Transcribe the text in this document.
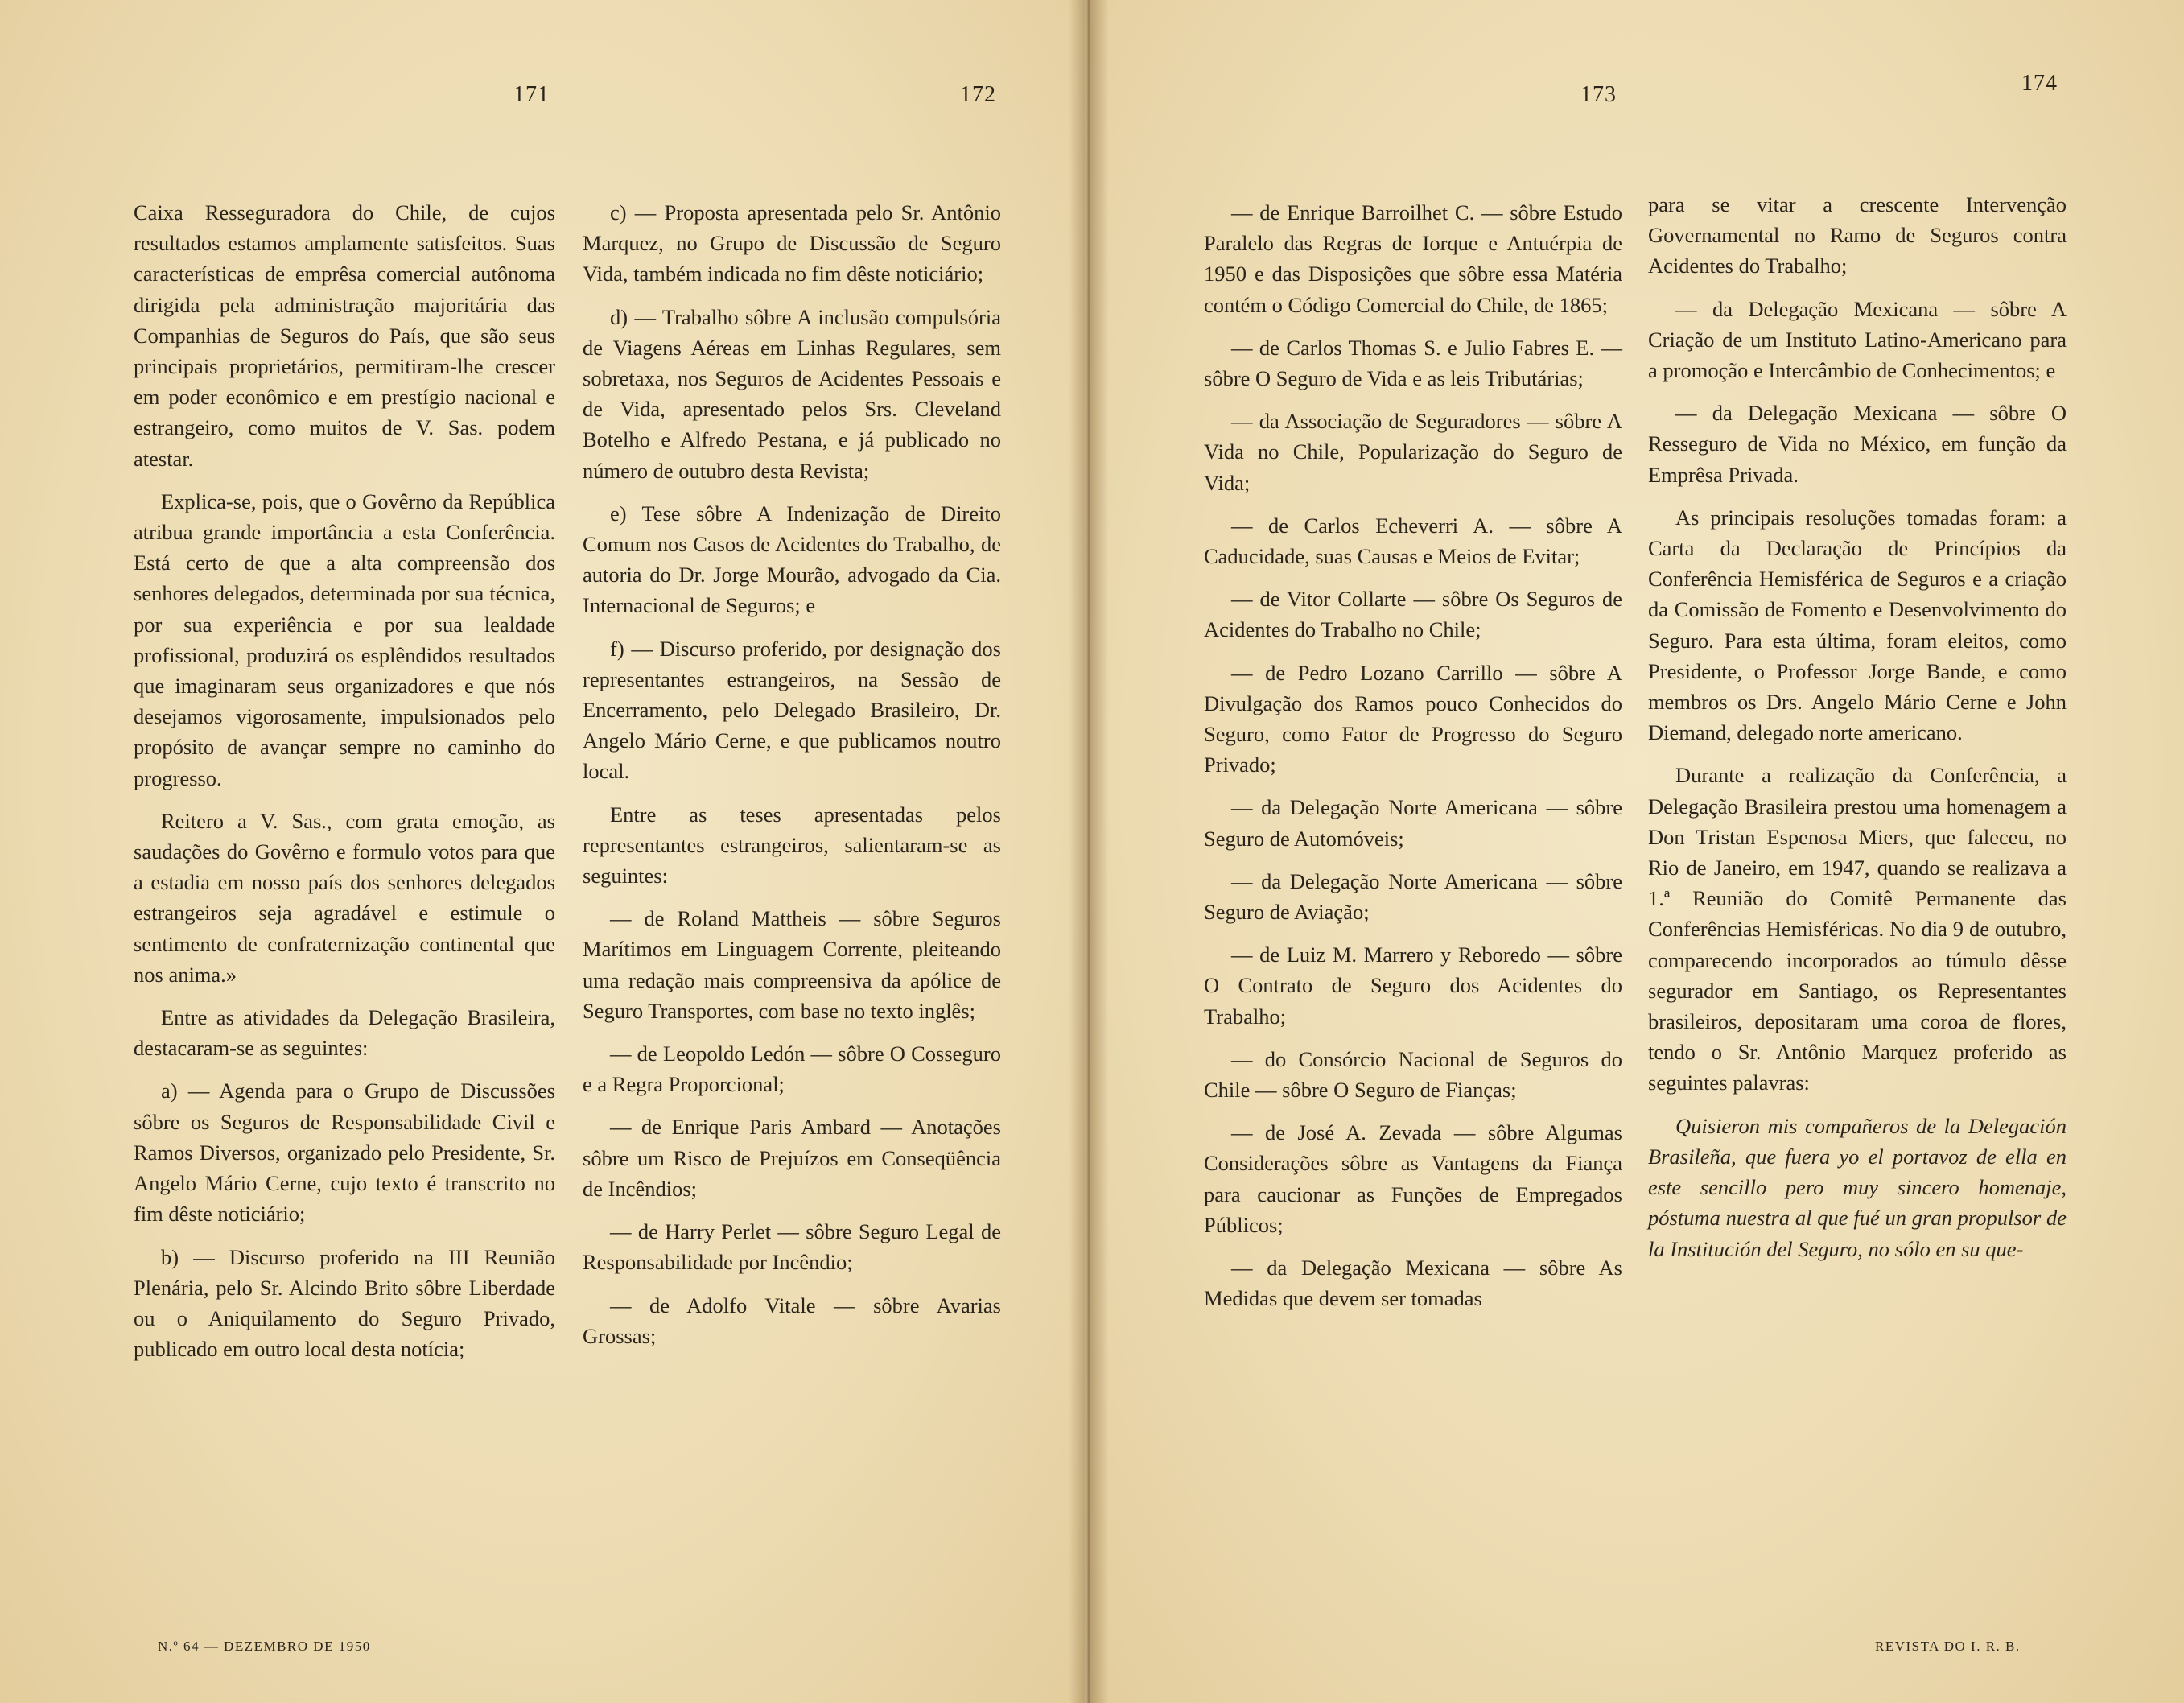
171	172	173	174

Caixa Resseguradora do Chile, de cujos resultados estamos amplamente satisfeitos. Suas características de emprêsa comercial autônoma dirigida pela administração majoritária das Companhias de Seguros do País, que são seus principais proprietários, permitiram-lhe crescer em poder econômico e em prestígio nacional e estrangeiro, como muitos de V. Sas. podem atestar.

Explica-se, pois, que o Govêrno da República atribua grande importância a esta Conferência. Está certo de que a alta compreensão dos senhores delegados, determinada por sua técnica, por sua experiência e por sua lealdade profissional, produzirá os esplêndidos resultados que imaginaram seus organizadores e que nós desejamos vigorosamente, impulsionados pelo propósito de avançar sempre no caminho do progresso.

Reitero a V. Sas., com grata emoção, as saudações do Govêrno e formulo votos para que a estadia em nosso país dos senhores delegados estrangeiros seja agradável e estimule o sentimento de confraternização continental que nos anima.»

Entre as atividades da Delegação Brasileira, destacaram-se as seguintes:

a) — Agenda para o Grupo de Discussões sôbre os Seguros de Responsabilidade Civil e Ramos Diversos, organizado pelo Presidente, Sr. Angelo Mário Cerne, cujo texto é transcrito no fim dêste noticiário;

b) — Discurso proferido na III Reunião Plenária, pelo Sr. Alcindo Brito sôbre Liberdade ou o Aniquilamento do Seguro Privado, publicado em outro local desta notícia;

c) — Proposta apresentada pelo Sr. Antônio Marquez, no Grupo de Discussão de Seguro Vida, também indicada no fim dêste noticiário;

d) — Trabalho sôbre A inclusão compulsória de Viagens Aéreas em Linhas Regulares, sem sobretaxa, nos Seguros de Acidentes Pessoais e de Vida, apresentado pelos Srs. Cleveland Botelho e Alfredo Pestana, e já publicado no número de outubro desta Revista;

e) Tese sôbre A Indenização de Direito Comum nos Casos de Acidentes do Trabalho, de autoria do Dr. Jorge Mourão, advogado da Cia. Internacional de Seguros; e

f) — Discurso proferido, por designação dos representantes estrangeiros, na Sessão de Encerramento, pelo Delegado Brasileiro, Dr. Angelo Mário Cerne, e que publicamos noutro local.

Entre as teses apresentadas pelos representantes estrangeiros, salientaram-se as seguintes:

— de Roland Mattheis — sôbre Seguros Marítimos em Linguagem Corrente, pleiteando uma redação mais compreensiva da apólice de Seguro Transportes, com base no texto inglês;

— de Leopoldo Ledón — sôbre O Cosseguro e a Regra Proporcional;

— de Enrique Paris Ambard — Anotações sôbre um Risco de Prejuízos em Conseqüência de Incêndios;

— de Harry Perlet — sôbre Seguro Legal de Responsabilidade por Incêndio;

— de Adolfo Vitale — sôbre Avarias Grossas;

— de Enrique Barroilhet C. — sôbre Estudo Paralelo das Regras de Iorque e Antuérpia de 1950 e das Disposições que sôbre essa Matéria contém o Código Comercial do Chile, de 1865;

— de Carlos Thomas S. e Julio Fabres E. — sôbre O Seguro de Vida e as leis Tributárias;

— da Associação de Seguradores — sôbre A Vida no Chile, Popularização do Seguro de Vida;

— de Carlos Echeverri A. — sôbre A Caducidade, suas Causas e Meios de Evitar;

— de Vitor Collarte — sôbre Os Seguros de Acidentes do Trabalho no Chile;

— de Pedro Lozano Carrillo — sôbre A Divulgação dos Ramos pouco Conhecidos do Seguro, como Fator de Progresso do Seguro Privado;

— da Delegação Norte Americana — sôbre Seguro de Automóveis;

— da Delegação Norte Americana — sôbre Seguro de Aviação;

— de Luiz M. Marrero y Reboredo — sôbre O Contrato de Seguro dos Acidentes do Trabalho;

— do Consórcio Nacional de Seguros do Chile — sôbre O Seguro de Fianças;

— de José A. Zevada — sôbre Algumas Considerações sôbre as Vantagens da Fiança para caucionar as Funções de Empregados Públicos;

— da Delegação Mexicana — sôbre As Medidas que devem ser tomadas

para se vitar a crescente Intervenção Governamental no Ramo de Seguros contra Acidentes do Trabalho;

— da Delegação Mexicana — sôbre A Criação de um Instituto Latino-Americano para a promoção e Intercâmbio de Conhecimentos; e

— da Delegação Mexicana — sôbre O Resseguro de Vida no México, em função da Emprêsa Privada.

As principais resoluções tomadas foram: a Carta da Declaração de Princípios da Conferência Hemisférica de Seguros e a criação da Comissão de Fomento e Desenvolvimento do Seguro. Para esta última, foram eleitos, como Presidente, o Professor Jorge Bande, e como membros os Drs. Angelo Mário Cerne e John Diemand, delegado norte americano.

Durante a realização da Conferência, a Delegação Brasileira prestou uma homenagem a Don Tristan Espenosa Miers, que faleceu, no Rio de Janeiro, em 1947, quando se realizava a 1.ª Reunião do Comitê Permanente das Conferências Hemisféricas. No dia 9 de outubro, comparecendo incorporados ao túmulo dêsse segurador em Santiago, os Representantes brasileiros, depositaram uma coroa de flores, tendo o Sr. Antônio Marquez proferido as seguintes palavras:

Quisieron mis compañeros de la Delegación Brasileña, que fuera yo el portavoz de ella en este sencillo pero muy sincero homenaje, póstuma nuestra al que fué un gran propulsor de la Institución del Seguro, no sólo en su que-

N.º 64 — DEZEMBRO DE 1950	REVISTA DO I. R. B.
